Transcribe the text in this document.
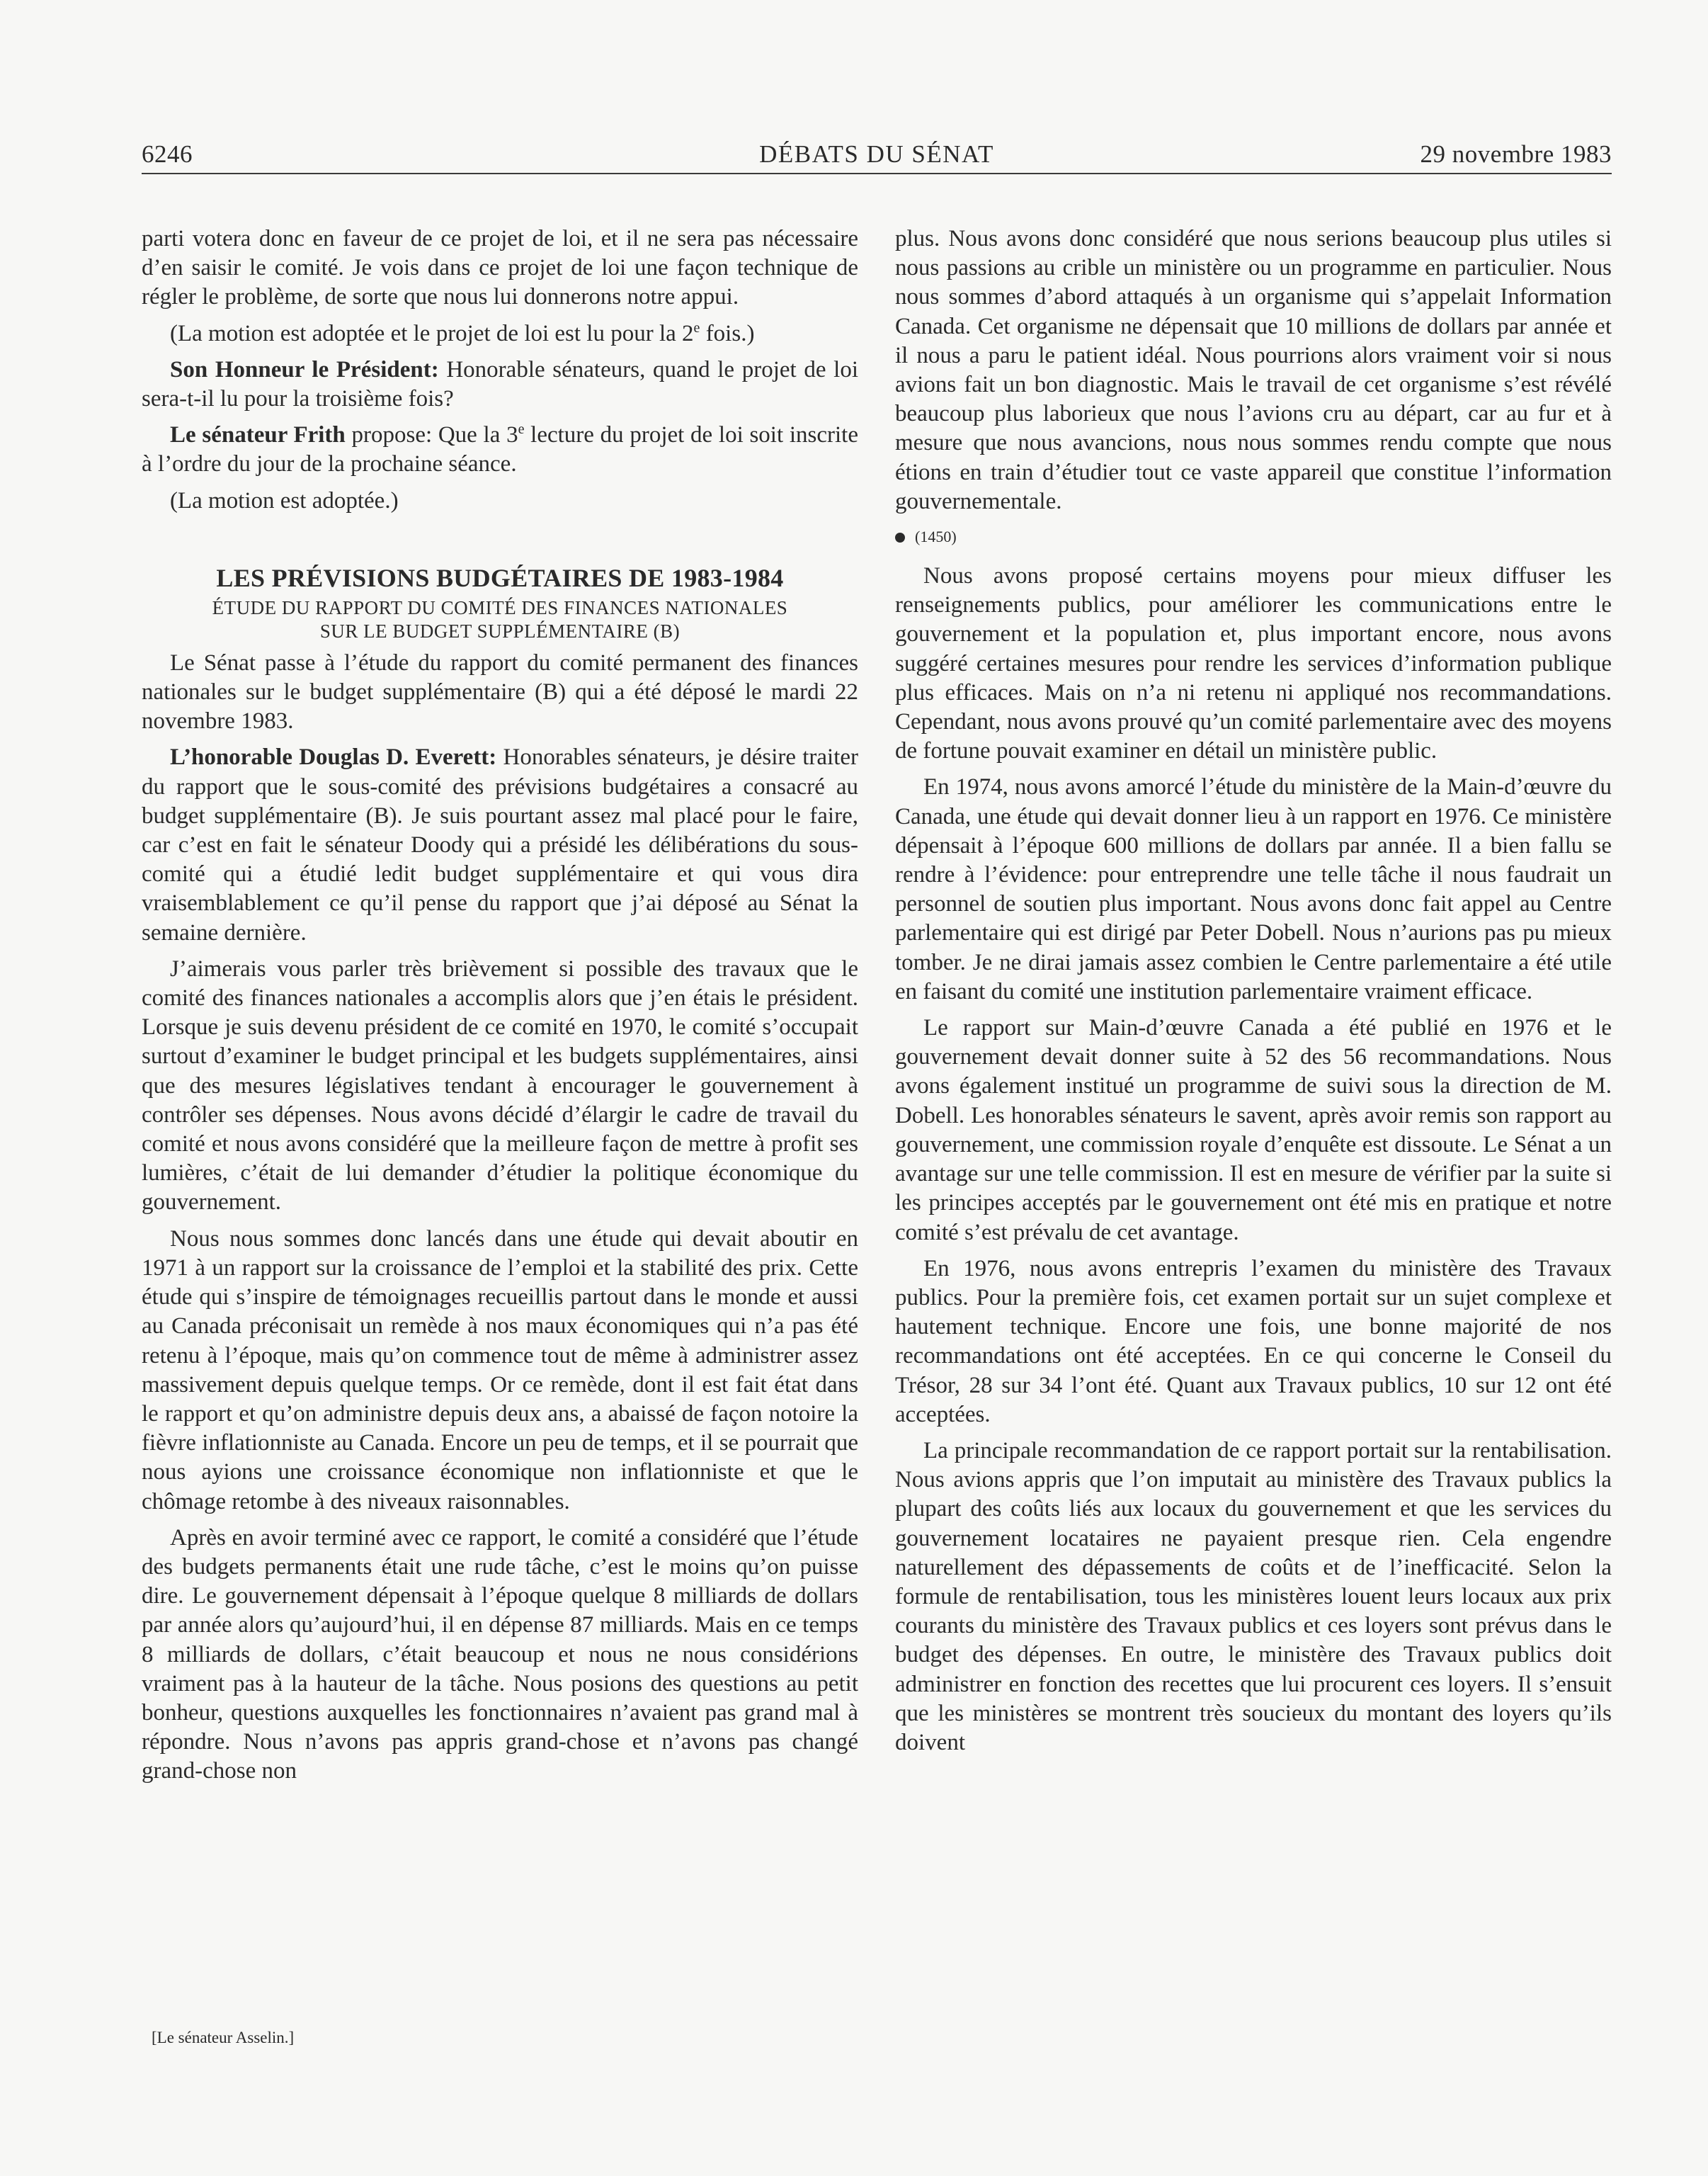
6246	DÉBATS DU SÉNAT	29 novembre 1983

parti votera donc en faveur de ce projet de loi, et il ne sera pas nécessaire d’en saisir le comité. Je vois dans ce projet de loi une façon technique de régler le problème, de sorte que nous lui donnerons notre appui.

(La motion est adoptée et le projet de loi est lu pour la 2e fois.)

Son Honneur le Président: Honorable sénateurs, quand le projet de loi sera-t-il lu pour la troisième fois?

Le sénateur Frith propose: Que la 3e lecture du projet de loi soit inscrite à l’ordre du jour de la prochaine séance.

(La motion est adoptée.)

LES PRÉVISIONS BUDGÉTAIRES DE 1983-1984
ÉTUDE DU RAPPORT DU COMITÉ DES FINANCES NATIONALES
SUR LE BUDGET SUPPLÉMENTAIRE (B)

Le Sénat passe à l’étude du rapport du comité permanent des finances nationales sur le budget supplémentaire (B) qui a été déposé le mardi 22 novembre 1983.

L’honorable Douglas D. Everett: Honorables sénateurs, je désire traiter du rapport que le sous-comité des prévisions budgétaires a consacré au budget supplémentaire (B). Je suis pourtant assez mal placé pour le faire, car c’est en fait le sénateur Doody qui a présidé les délibérations du sous-comité qui a étudié ledit budget supplémentaire et qui vous dira vraisemblablement ce qu’il pense du rapport que j’ai déposé au Sénat la semaine dernière.

J’aimerais vous parler très brièvement si possible des travaux que le comité des finances nationales a accomplis alors que j’en étais le président. Lorsque je suis devenu président de ce comité en 1970, le comité s’occupait surtout d’examiner le budget principal et les budgets supplémentaires, ainsi que des mesures législatives tendant à encourager le gouvernement à contrôler ses dépenses. Nous avons décidé d’élargir le cadre de travail du comité et nous avons considéré que la meilleure façon de mettre à profit ses lumières, c’était de lui demander d’étudier la politique économique du gouvernement.

Nous nous sommes donc lancés dans une étude qui devait aboutir en 1971 à un rapport sur la croissance de l’emploi et la stabilité des prix. Cette étude qui s’inspire de témoignages recueillis partout dans le monde et aussi au Canada préconisait un remède à nos maux économiques qui n’a pas été retenu à l’époque, mais qu’on commence tout de même à administrer assez massivement depuis quelque temps. Or ce remède, dont il est fait état dans le rapport et qu’on administre depuis deux ans, a abaissé de façon notoire la fièvre inflationniste au Canada. Encore un peu de temps, et il se pourrait que nous ayions une croissance économique non inflationniste et que le chômage retombe à des niveaux raisonnables.

Après en avoir terminé avec ce rapport, le comité a considéré que l’étude des budgets permanents était une rude tâche, c’est le moins qu’on puisse dire. Le gouvernement dépensait à l’époque quelque 8 milliards de dollars par année alors qu’aujourd’hui, il en dépense 87 milliards. Mais en ce temps 8 milliards de dollars, c’était beaucoup et nous ne nous considérions vraiment pas à la hauteur de la tâche. Nous posions des questions au petit bonheur, questions auxquelles les fonctionnaires n’avaient pas grand mal à répondre. Nous n’avons pas appris grand-chose et n’avons pas changé grand-chose non

[Le sénateur Asselin.]

plus. Nous avons donc considéré que nous serions beaucoup plus utiles si nous passions au crible un ministère ou un programme en particulier. Nous nous sommes d’abord attaqués à un organisme qui s’appelait Information Canada. Cet organisme ne dépensait que 10 millions de dollars par année et il nous a paru le patient idéal. Nous pourrions alors vraiment voir si nous avions fait un bon diagnostic. Mais le travail de cet organisme s’est révélé beaucoup plus laborieux que nous l’avions cru au départ, car au fur et à mesure que nous avancions, nous nous sommes rendu compte que nous étions en train d’étudier tout ce vaste appareil que constitue l’information gouvernementale.

(1450)

Nous avons proposé certains moyens pour mieux diffuser les renseignements publics, pour améliorer les communications entre le gouvernement et la population et, plus important encore, nous avons suggéré certaines mesures pour rendre les services d’information publique plus efficaces. Mais on n’a ni retenu ni appliqué nos recommandations. Cependant, nous avons prouvé qu’un comité parlementaire avec des moyens de fortune pouvait examiner en détail un ministère public.

En 1974, nous avons amorcé l’étude du ministère de la Main-d’œuvre du Canada, une étude qui devait donner lieu à un rapport en 1976. Ce ministère dépensait à l’époque 600 millions de dollars par année. Il a bien fallu se rendre à l’évidence: pour entreprendre une telle tâche il nous faudrait un personnel de soutien plus important. Nous avons donc fait appel au Centre parlementaire qui est dirigé par Peter Dobell. Nous n’aurions pas pu mieux tomber. Je ne dirai jamais assez combien le Centre parlementaire a été utile en faisant du comité une institution parlementaire vraiment efficace.

Le rapport sur Main-d’œuvre Canada a été publié en 1976 et le gouvernement devait donner suite à 52 des 56 recommandations. Nous avons également institué un programme de suivi sous la direction de M. Dobell. Les honorables sénateurs le savent, après avoir remis son rapport au gouvernement, une commission royale d’enquête est dissoute. Le Sénat a un avantage sur une telle commission. Il est en mesure de vérifier par la suite si les principes acceptés par le gouvernement ont été mis en pratique et notre comité s’est prévalu de cet avantage.

En 1976, nous avons entrepris l’examen du ministère des Travaux publics. Pour la première fois, cet examen portait sur un sujet complexe et hautement technique. Encore une fois, une bonne majorité de nos recommandations ont été acceptées. En ce qui concerne le Conseil du Trésor, 28 sur 34 l’ont été. Quant aux Travaux publics, 10 sur 12 ont été acceptées.

La principale recommandation de ce rapport portait sur la rentabilisation. Nous avions appris que l’on imputait au ministère des Travaux publics la plupart des coûts liés aux locaux du gouvernement et que les services du gouvernement locataires ne payaient presque rien. Cela engendre naturellement des dépassements de coûts et de l’inefficacité. Selon la formule de rentabilisation, tous les ministères louent leurs locaux aux prix courants du ministère des Travaux publics et ces loyers sont prévus dans le budget des dépenses. En outre, le ministère des Travaux publics doit administrer en fonction des recettes que lui procurent ces loyers. Il s’ensuit que les ministères se montrent très soucieux du montant des loyers qu’ils doivent
